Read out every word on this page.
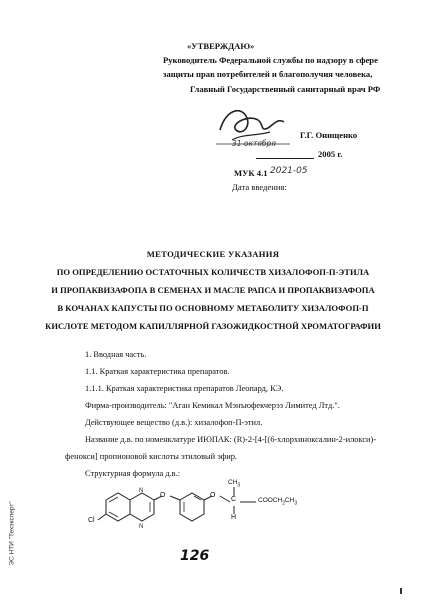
«УТВЕРЖДАЮ»
Руководитель Федеральной службы по надзору в сфере
защиты прав потребителей и благополучия человека,
Главный Государственный санитарный врач РФ
31 октября
Г.Г. Онищенко
2005 г.
МУК 4.1 2021-05
Дата введения:
МЕТОДИЧЕСКИЕ УКАЗАНИЯ
ПО ОПРЕДЕЛЕНИЮ ОСТАТОЧНЫХ КОЛИЧЕСТВ ХИЗАЛОФОП-П-ЭТИЛА
И ПРОПАКВИЗАФОПА В СЕМЕНАХ И МАСЛЕ РАПСА И ПРОПАКВИЗАФОПА
В КОЧАНАХ КАПУСТЫ ПО ОСНОВНОМУ МЕТАБОЛИТУ ХИЗАЛОФОП-П
КИСЛОТЕ МЕТОДОМ КАПИЛЛЯРНОЙ ГАЗОЖИДКОСТНОЙ ХРОМАТОГРАФИИ
1. Вводная часть.
1.1. Краткая характеристика препаратов.
1.1.1. Краткая характеристика препаратов Леопард, КЭ.
Фирма-производитель: "Аган Кемикал Мэнъюфекчерэз Лимитед Лтд.".
Действующее вещество (д.в.): хизалофоп-П-этил.
Название д.в. по номенклатуре ИЮПАК: (R)-2-[4-[(6-хлорхиноксалин-2-илокси)-
фенокси] пропионовой кислоты этиловый эфир.
Структурная формула д.в.:
N
N
Cl
O	O
$CH_3$
C
H
$COOCH_2CH_3$
126
ЭС НТИ "Техэксперт"
